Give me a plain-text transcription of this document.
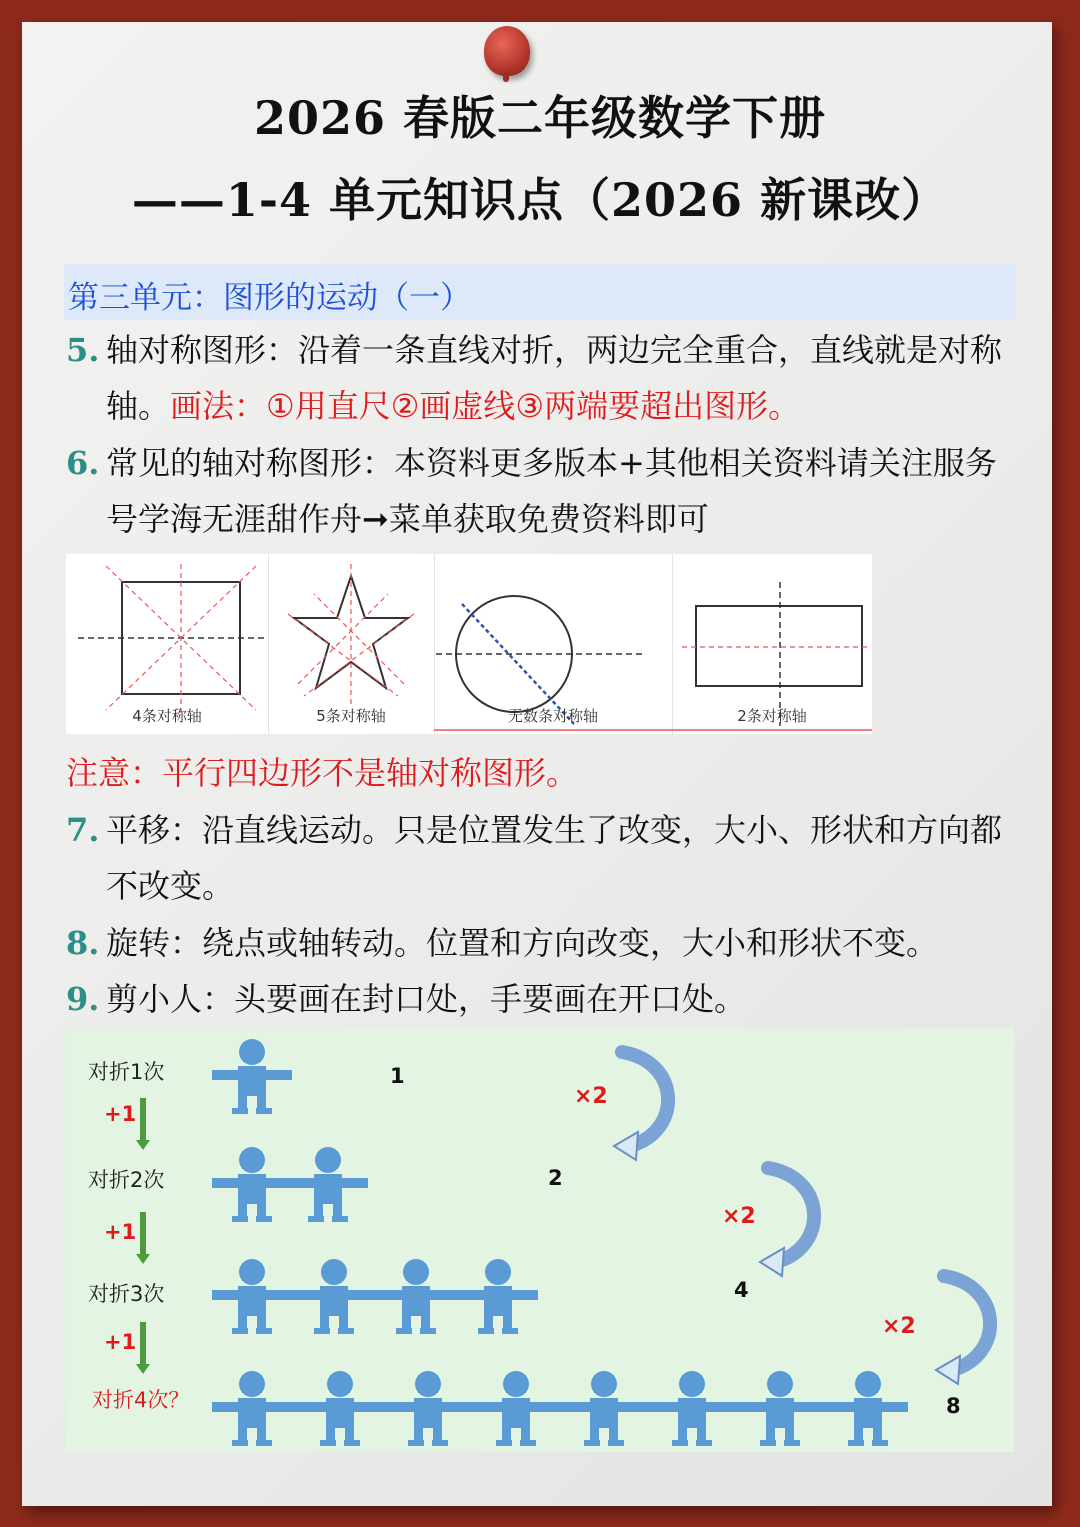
2026 春版二年级数学下册
——1-4 单元知识点（2026 新课改）
第三单元：图形的运动（一）
5. 轴对称图形：沿着一条直线对折，两边完全重合，直线就是对称轴。画法：①用直尺②画虚线③两端要超出图形。
6. 常见的轴对称图形：本资料更多版本+其他相关资料请关注服务号学海无涯甜作舟➞菜单获取免费资料即可
4条对称轴	5条对称轴	无数条对称轴	2条对称轴
注意：平行四边形不是轴对称图形。
7. 平移：沿直线运动。只是位置发生了改变，大小、形状和方向都不改变。
8. 旋转：绕点或轴转动。位置和方向改变，大小和形状不变。
9. 剪小人：头要画在封口处，手要画在开口处。
对折1次
+1
对折2次
+1
对折3次
+1
对折4次？
1
2
4
8
×2
×2
×2
